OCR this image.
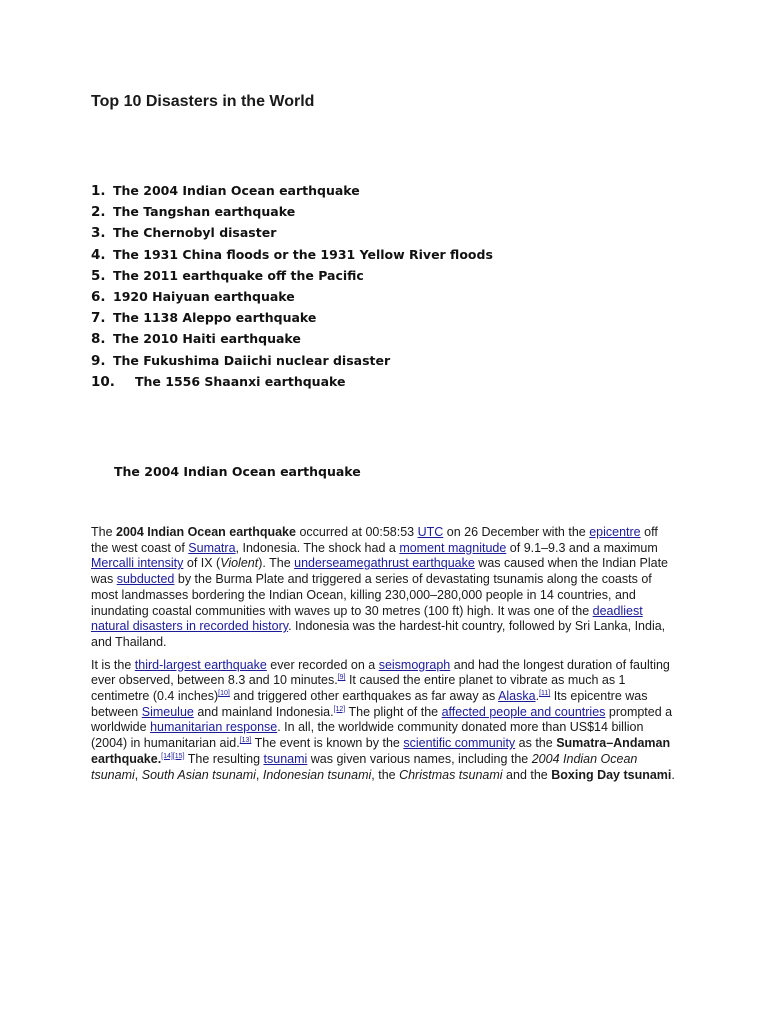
Top 10 Disasters in the World
1. The 2004 Indian Ocean earthquake
2. The Tangshan earthquake
3. The Chernobyl disaster
4. The 1931 China floods or the 1931 Yellow River floods
5. The 2011 earthquake off the Pacific
6. 1920 Haiyuan earthquake
7. The 1138 Aleppo earthquake
8. The 2010 Haiti earthquake
9. The Fukushima Daiichi nuclear disaster
10. The 1556 Shaanxi earthquake
The 2004 Indian Ocean earthquake

The 2004 Indian Ocean earthquake occurred at 00:58:53 UTC on 26 December with the epicentre off the west coast of Sumatra, Indonesia. The shock had a moment magnitude of 9.1–9.3 and a maximum Mercalli intensity of IX (Violent). The underseamegathrust earthquake was caused when the Indian Plate was subducted by the Burma Plate and triggered a series of devastating tsunamis along the coasts of most landmasses bordering the Indian Ocean, killing 230,000–280,000 people in 14 countries, and inundating coastal communities with waves up to 30 metres (100 ft) high. It was one of the deadliest natural disasters in recorded history. Indonesia was the hardest-hit country, followed by Sri Lanka, India, and Thailand.

It is the third-largest earthquake ever recorded on a seismograph and had the longest duration of faulting ever observed, between 8.3 and 10 minutes.[9] It caused the entire planet to vibrate as much as 1 centimetre (0.4 inches)[10] and triggered other earthquakes as far away as Alaska.[11] Its epicentre was between Simeulue and mainland Indonesia.[12] The plight of the affected people and countries prompted a worldwide humanitarian response. In all, the worldwide community donated more than US$14 billion (2004) in humanitarian aid.[13] The event is known by the scientific community as the Sumatra–Andaman earthquake.[14][15] The resulting tsunami was given various names, including the 2004 Indian Ocean tsunami, South Asian tsunami, Indonesian tsunami, the Christmas tsunami and the Boxing Day tsunami.
